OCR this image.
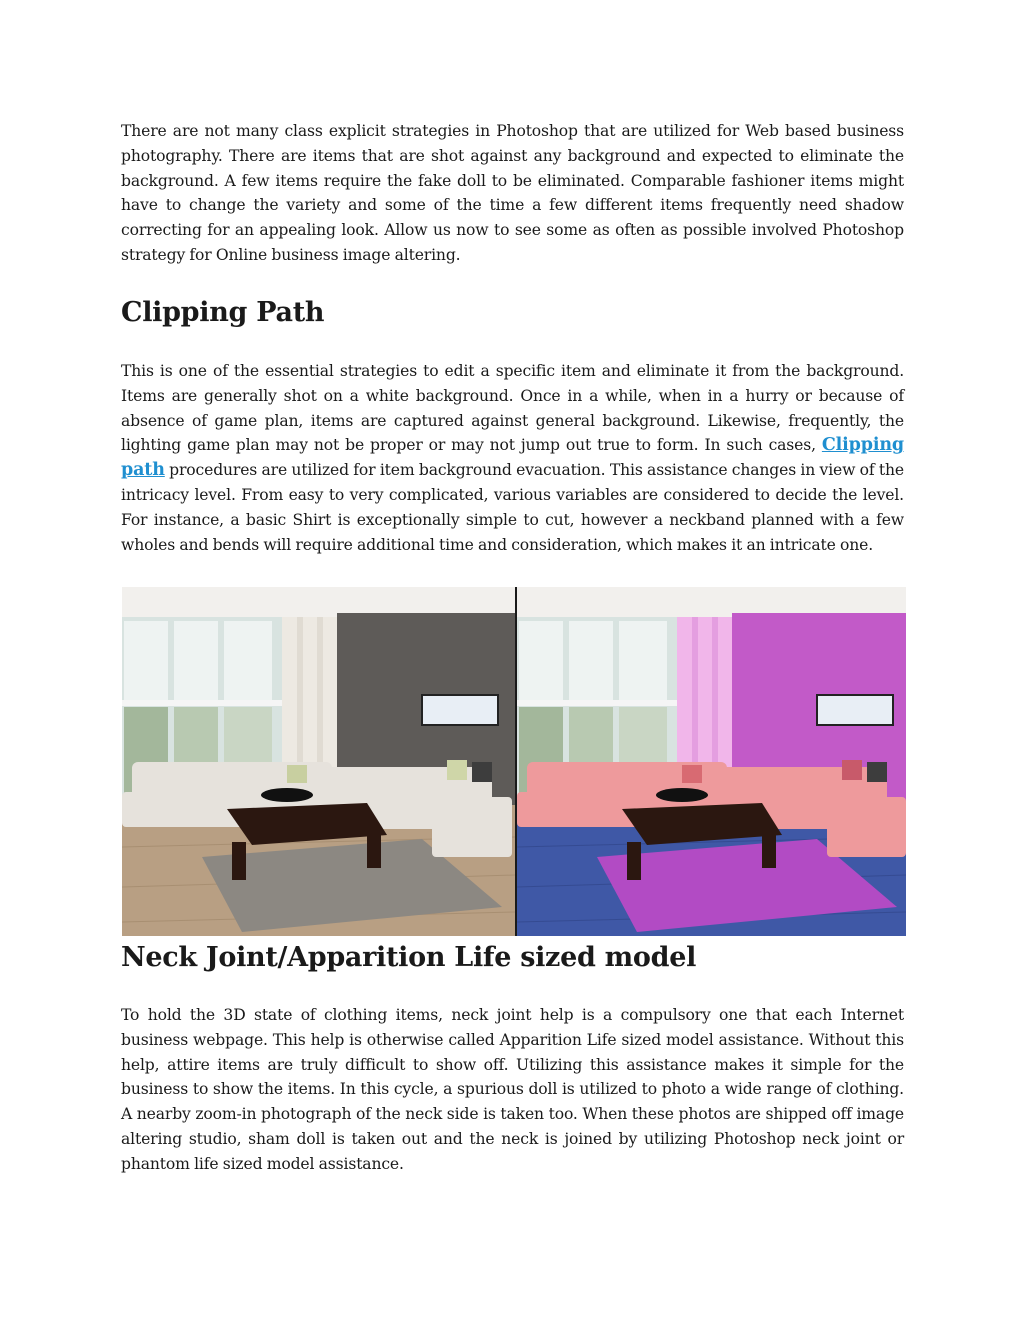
There are not many class explicit strategies in Photoshop that are utilized for Web based business photography. There are items that are shot against any background and expected to eliminate the background. A few items require the fake doll to be eliminated. Comparable fashioner items might have to change the variety and some of the time a few different items frequently need shadow correcting for an appealing look. Allow us now to see some as often as possible involved Photoshop strategy for Online business image altering.

Clipping Path

This is one of the essential strategies to edit a specific item and eliminate it from the background. Items are generally shot on a white background. Once in a while, when in a hurry or because of absence of game plan, items are captured against general background. Likewise, frequently, the lighting game plan may not be proper or may not jump out true to form. In such cases, Clipping path procedures are utilized for item background evacuation. This assistance changes in view of the intricacy level. From easy to very complicated, various variables are considered to decide the level. For instance, a basic Shirt is exceptionally simple to cut, however a neckband planned with a few wholes and bends will require additional time and consideration, which makes it an intricate one.

Neck Joint/Apparition Life sized model

To hold the 3D state of clothing items, neck joint help is a compulsory one that each Internet business webpage. This help is otherwise called Apparition Life sized model assistance. Without this help, attire items are truly difficult to show off. Utilizing this assistance makes it simple for the business to show the items. In this cycle, a spurious doll is utilized to photo a wide range of clothing. A nearby zoom-in photograph of the neck side is taken too. When these photos are shipped off image altering studio, sham doll is taken out and the neck is joined by utilizing Photoshop neck joint or phantom life sized model assistance.
